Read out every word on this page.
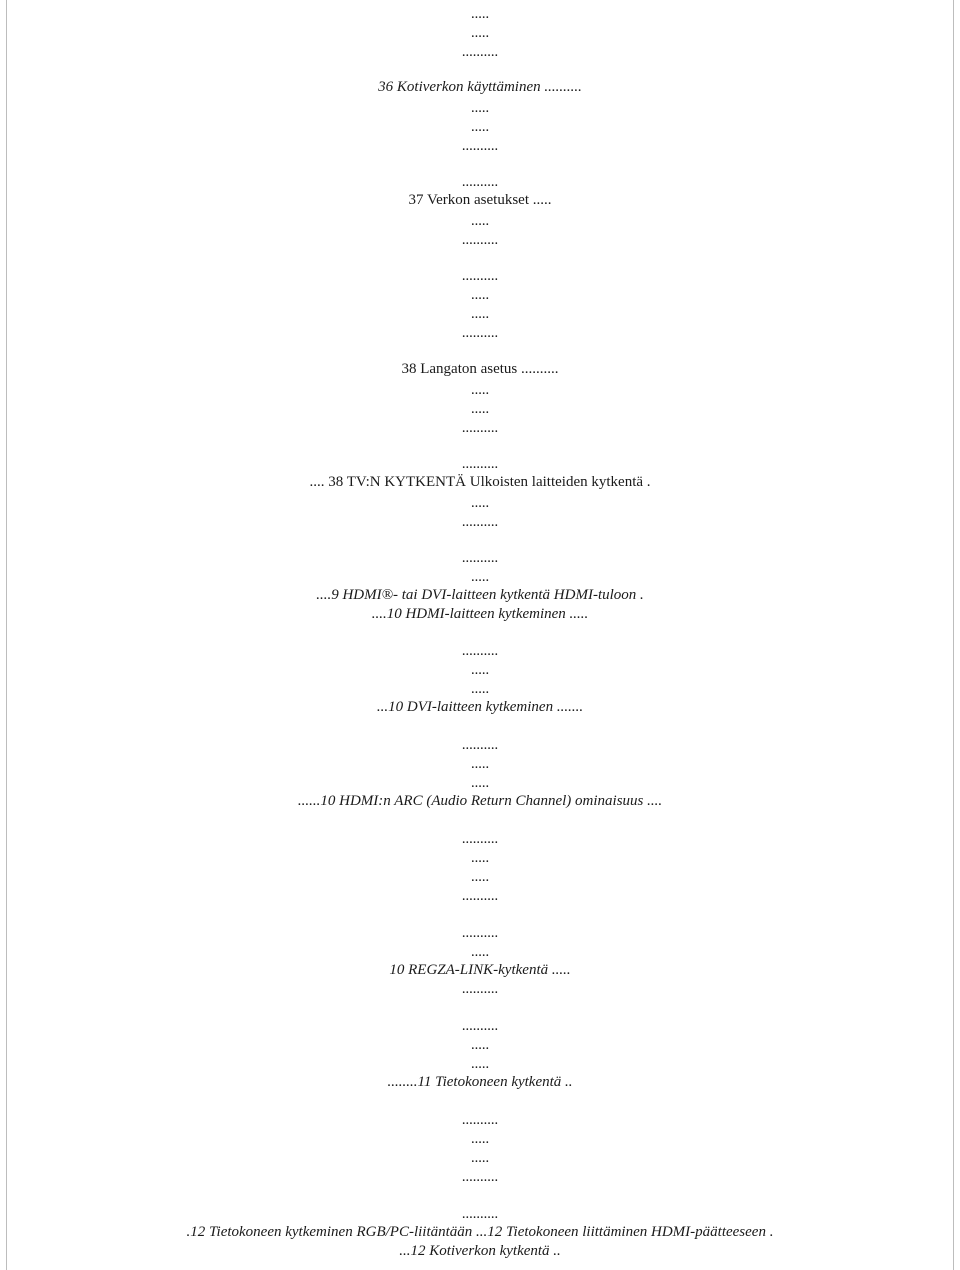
.....
.....
..........
36 Kotiverkon käyttäminen ..........
.....
.....
..........
..........
37 Verkon asetukset .....
.....
..........
..........
.....
.....
..........
38 Langaton asetus ..........
.....
.....
..........
..........
.... 38 TV:N KYTKENTÄ Ulkoisten laitteiden kytkentä .
.....
..........
..........
.....
....9 HDMI®- tai DVI-laitteen kytkentä HDMI-tuloon .
....10 HDMI-laitteen kytkeminen .....
..........
.....
.....
...10 DVI-laitteen kytkeminen .......
..........
.....
.....
......10 HDMI:n ARC (Audio Return Channel) ominaisuus ....
..........
.....
.....
..........
..........
.....
10 REGZA-LINK-kytkentä .....
..........
..........
.....
.....
........11 Tietokoneen kytkentä ..
..........
.....
.....
..........
..........
.12 Tietokoneen kytkeminen RGB/PC-liitäntään ...12 Tietokoneen liittäminen HDMI-päätteeseen .
...12 Kotiverkon kytkentä ..
